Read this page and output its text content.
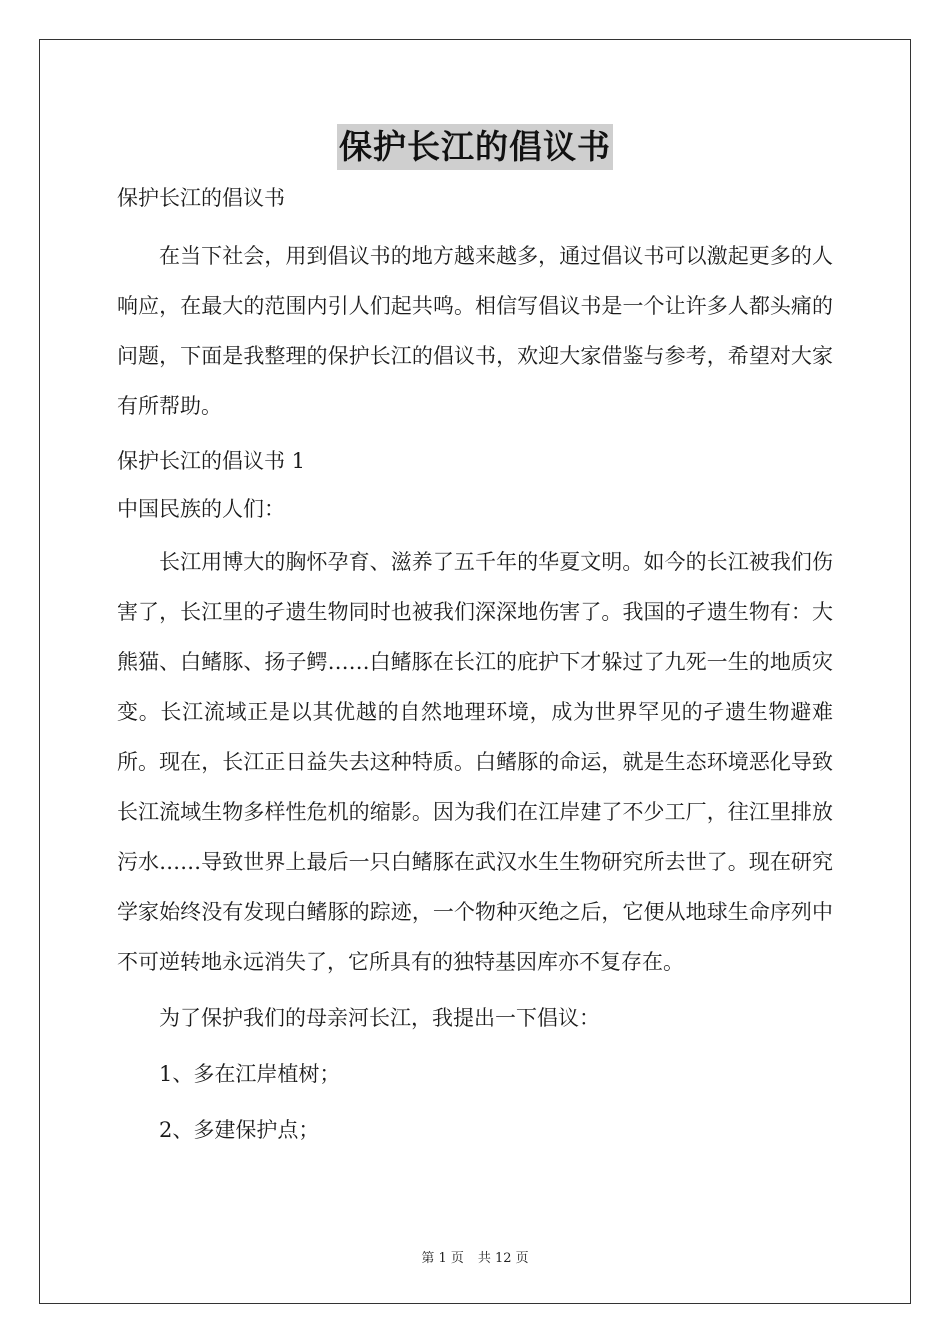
保护长江的倡议书

保护长江的倡议书

在当下社会，用到倡议书的地方越来越多，通过倡议书可以激起更多的人响应，在最大的范围内引人们起共鸣。相信写倡议书是一个让许多人都头痛的问题，下面是我整理的保护长江的倡议书，欢迎大家借鉴与参考，希望对大家有所帮助。

保护长江的倡议书 1

中国民族的人们：

长江用博大的胸怀孕育、滋养了五千年的华夏文明。如今的长江被我们伤害了，长江里的孑遗生物同时也被我们深深地伤害了。我国的孑遗生物有：大熊猫、白鳍豚、扬子鳄……白鳍豚在长江的庇护下才躲过了九死一生的地质灾变。长江流域正是以其优越的自然地理环境，成为世界罕见的孑遗生物避难所。现在，长江正日益失去这种特质。白鳍豚的命运，就是生态环境恶化导致长江流域生物多样性危机的缩影。因为我们在江岸建了不少工厂，往江里排放污水……导致世界上最后一只白鳍豚在武汉水生生物研究所去世了。现在研究学家始终没有发现白鳍豚的踪迹，一个物种灭绝之后，它便从地球生命序列中不可逆转地永远消失了，它所具有的独特基因库亦不复存在。

为了保护我们的母亲河长江，我提出一下倡议：

1、多在江岸植树；

2、多建保护点；

第 1 页 共 12 页
